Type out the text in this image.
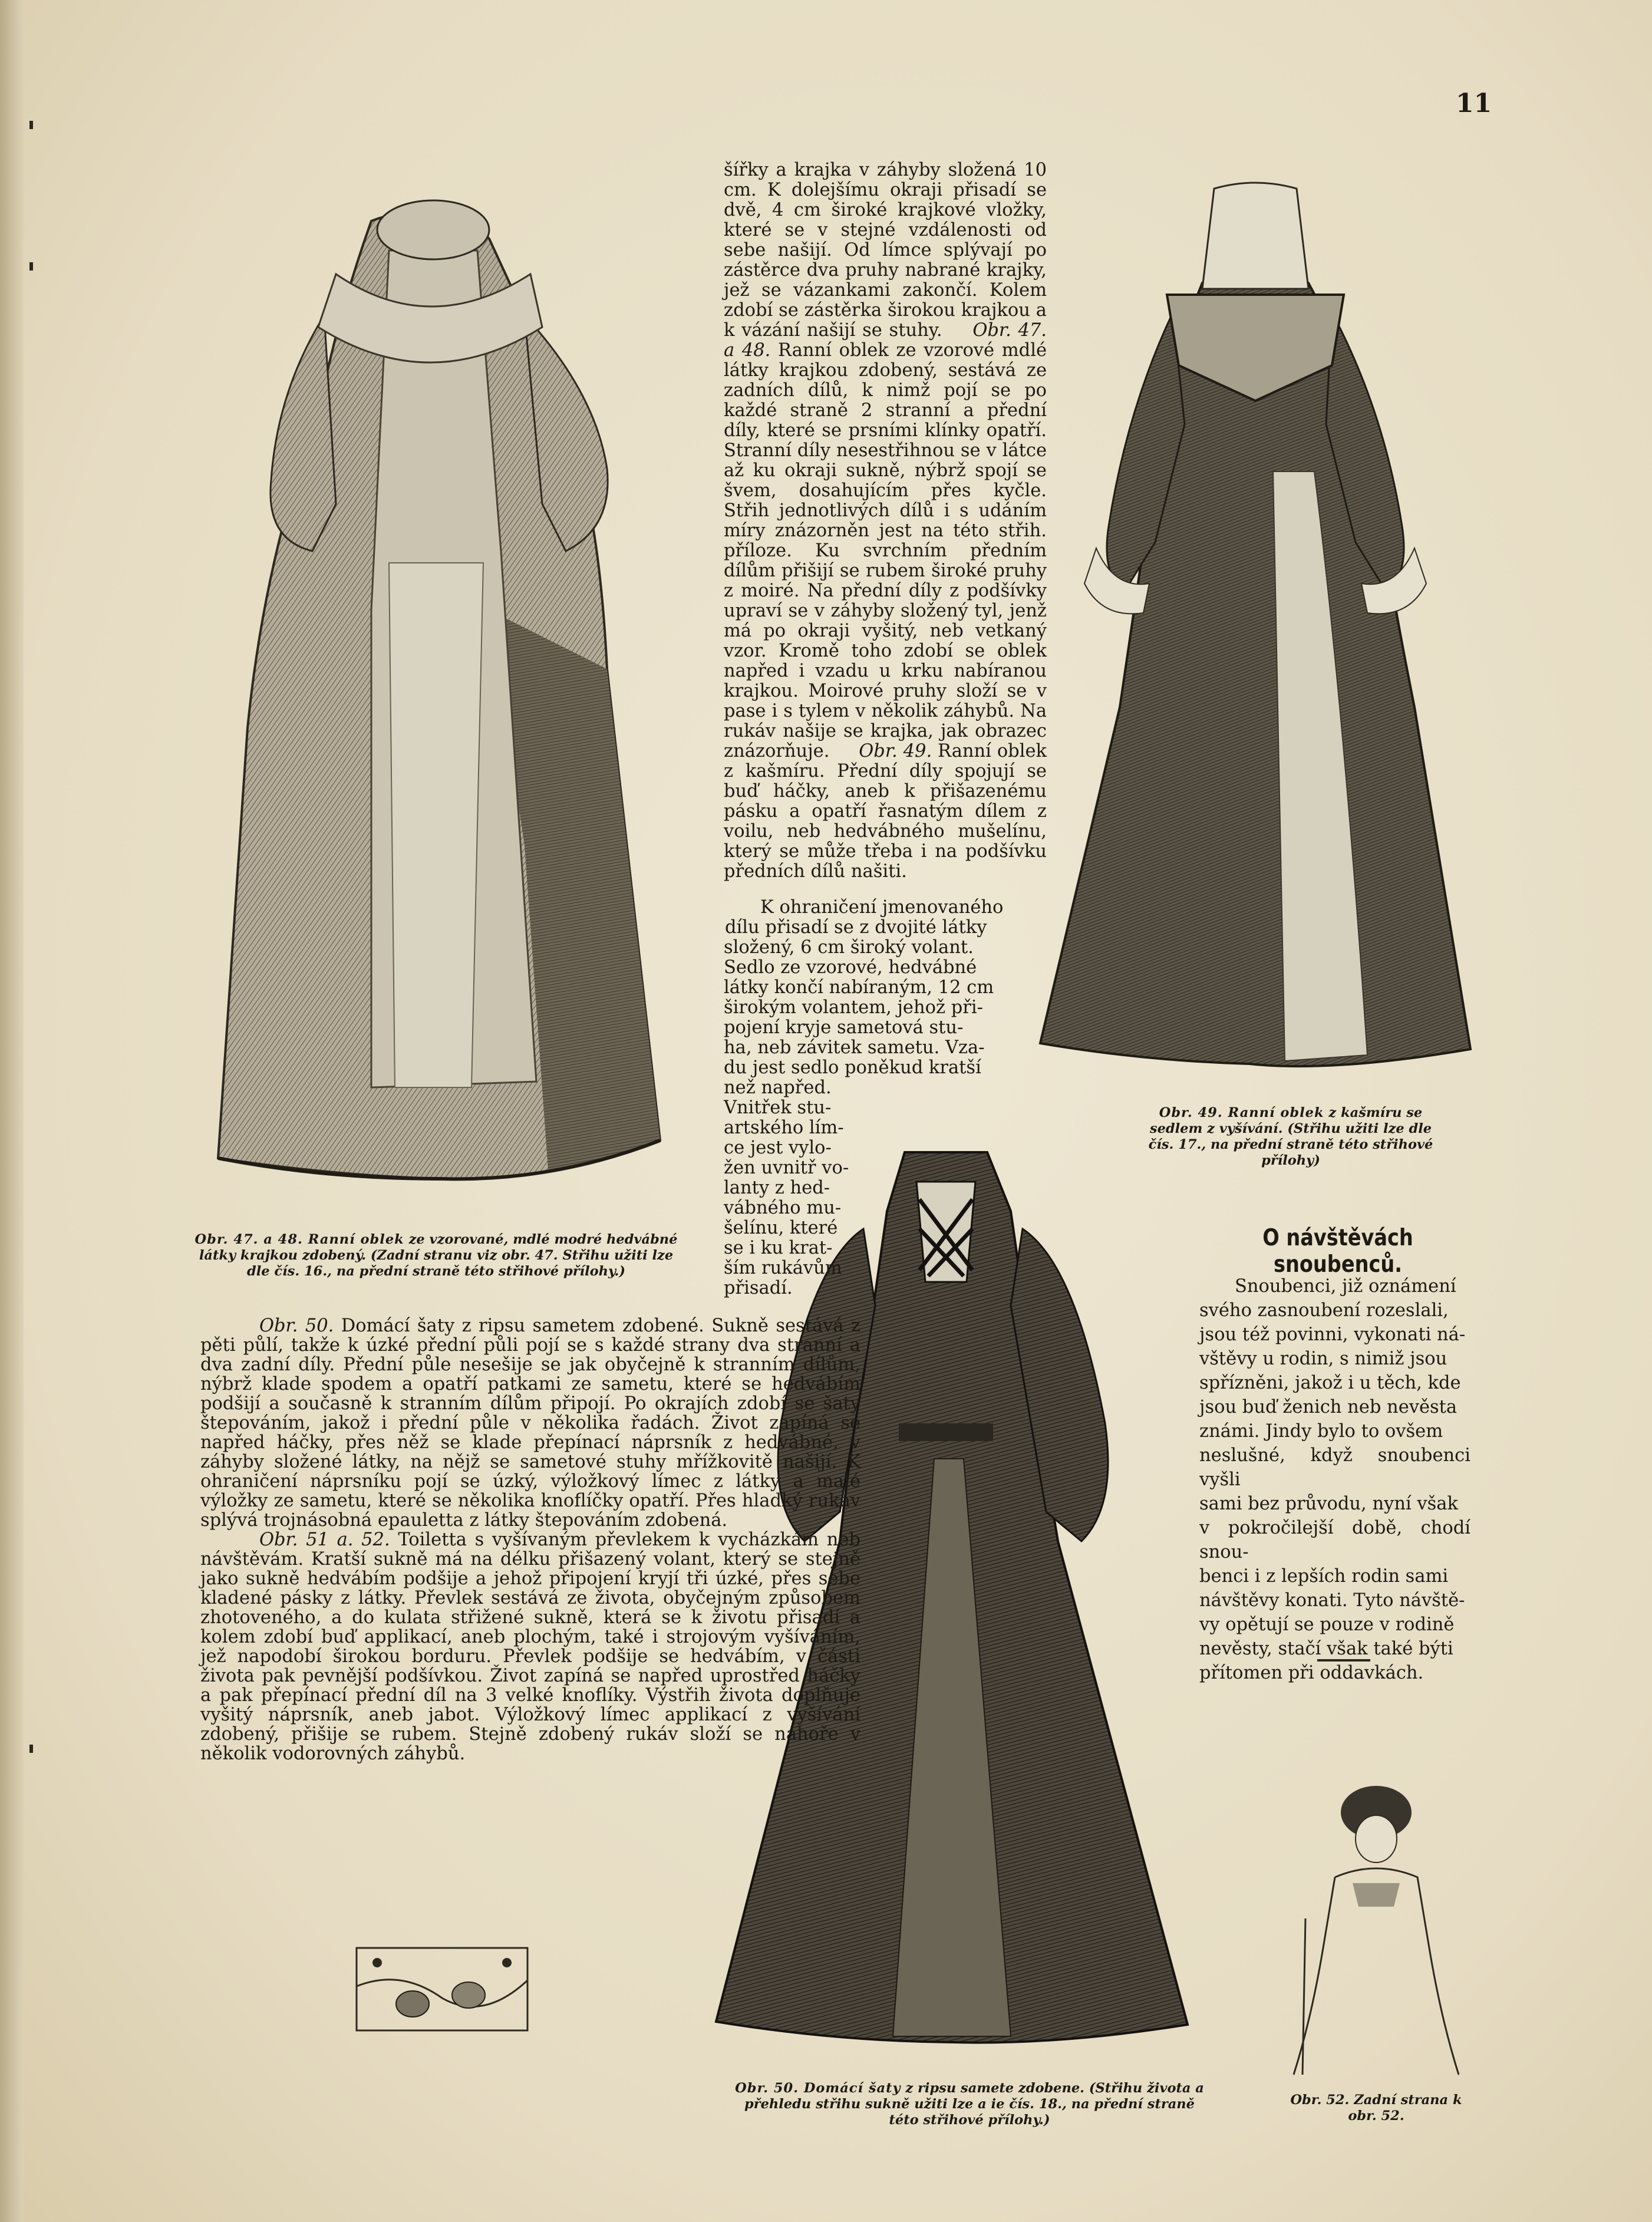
11
šířky a krajka v záhyby složená 10 cm. K dolejšímu okraji přisadí se dvě, 4 cm široké krajkové vložky, které se v stejné vzdálenosti od sebe našijí. Od límce splývají po zástěrce dva pruhy nabrané krajky, jež se vázankami zakončí. Kolem zdobí se zástěrka širokou krajkou a k vázání našijí se stuhy. Obr. 47. a 48. Ranní oblek ze vzorové mdlé látky krajkou zdobený, sestává ze zadních dílů, k nimž pojí se po každé straně 2 stranní a přední díly, které se prsními klínky opatří. Stranní díly nesestřihnou se v látce až ku okraji sukně, nýbrž spojí se švem, dosahujícím přes kyčle. Střih jednotlivých dílů i s udáním míry znázorněn jest na této střih. příloze. Ku svrchním předním dílům přišijí se rubem široké pruhy z moiré. Na přední díly z podšívky upraví se v záhyby složený tyl, jenž má po okraji vyšitý, neb vetkaný vzor. Kromě toho zdobí se oblek napřed i vzadu u krku nabíranou krajkou. Moirové pruhy složí se v pase i s tylem v několik záhybů. Na rukáv našije se krajka, jak obrazec znázorňuje. Obr. 49. Ranní oblek z kašmíru. Přední díly spojují se buď háčky, aneb k přišazenému pásku a opatří řasnatým dílem z voilu, neb hedvábného mušelínu, který se může třeba i na podšívku předních dílů našiti.
K ohraničení jmenovaného
dílu přisadí se z dvojité látky
složený, 6 cm široký volant.
Sedlo ze vzorové, hedvábné
látky končí nabíraným, 12 cm
širokým volantem, jehož při-
pojení kryje sametová stu-
ha, neb závitek sametu. Vza-
du jest sedlo poněkud kratší
než napřed.
Vnitřek stu-
artského lím-
ce jest vylo-
žen uvnitř vo-
lanty z hed-
vábného mu-
šelínu, které
se i ku krat-
ším rukávům
přisadí.
Obr. 47. a 48. Ranní oblek ze vzorované, mdlé modré hedvábné látky krajkou zdobený. (Zadní stranu viz obr. 47. Střihu užiti lze dle čís. 16., na přední straně této střihové přílohy.)
Obr. 50. Domácí šaty z ripsu sametem zdobené. Sukně sestává z pěti půlí, takže k úzké přední půli pojí se s každé strany dva stranní a dva zadní díly. Přední půle nesešije se jak obyčejně k stranním dílům, nýbrž klade spodem a opatří patkami ze sametu, které se hedvábím podšijí a současně k stranním dílům připojí. Po okrajích zdobí se šaty štepováním, jakož i přední půle v několika řadách. Život zapíná se napřed háčky, přes něž se klade přepínací náprsník z hedvábné, v záhyby složené látky, na nějž se sametové stuhy mřížkovitě našijí. K ohraničení náprsníku pojí se úzký, výložkový límec z látky a malé výložky ze sametu, které se několika knoflíčky opatří. Přes hladký rukáv splývá trojnásobná epauletta z látky štepováním zdobená.
Obr. 51 a. 52. Toiletta s vyšívaným převlekem k vycházkám neb návštěvám. Kratší sukně má na délku přišazený volant, který se stejně jako sukně hedvábím podšije a jehož připojení kryjí tři úzké, přes sebe kladené pásky z látky. Převlek sestává ze života, obyčejným způsobem zhotoveného, a do kulata střižené sukně, která se k životu přisadí a kolem zdobí buď applikací, aneb plochým, také i strojovým vyšíváním, jež napodobí širokou borduru. Převlek podšije se hedvábím, v části života pak pevnější podšívkou. Život zapíná se napřed uprostřed háčky a pak přepínací přední díl na 3 velké knoflíky. Výstřih života doplňuje vyšitý náprsník, aneb jabot. Výložkový límec applikací z vyšívání zdobený, přišije se rubem. Stejně zdobený rukáv složí se nahoře v několik vodorovných záhybů.
Obr. 49. Ranní oblek z kašmíru se sedlem z vyšívání. (Střihu užiti lze dle čís. 17., na přední straně této střihové přílohy)
O návštěvách snoubenců.

Snoubenci, již oznámení

svého zasnoubení rozeslali,

jsou též povinni, vykonati ná-

vštěvy u rodin, s nimiž jsou

spřízněni, jakož i u těch, kde

jsou buď ženich neb nevěsta

známi. Jindy bylo to ovšem

neslušné, když snoubenci vyšli

sami bez průvodu, nyní však

v pokročilejší době, chodí snou-

benci i z lepších rodin sami

návštěvy konati. Tyto návště-

vy opětují se pouze v rodině

nevěsty, stačí však také býti

přítomen při oddavkách.

Obr. 50. Domácí šaty z ripsu samete zdobene. (Střihu života a přehledu střihu sukně užiti lze a ie čís. 18., na přední straně této střihové přílohy.)
Obr. 52. Zadní strana k obr. 52.
